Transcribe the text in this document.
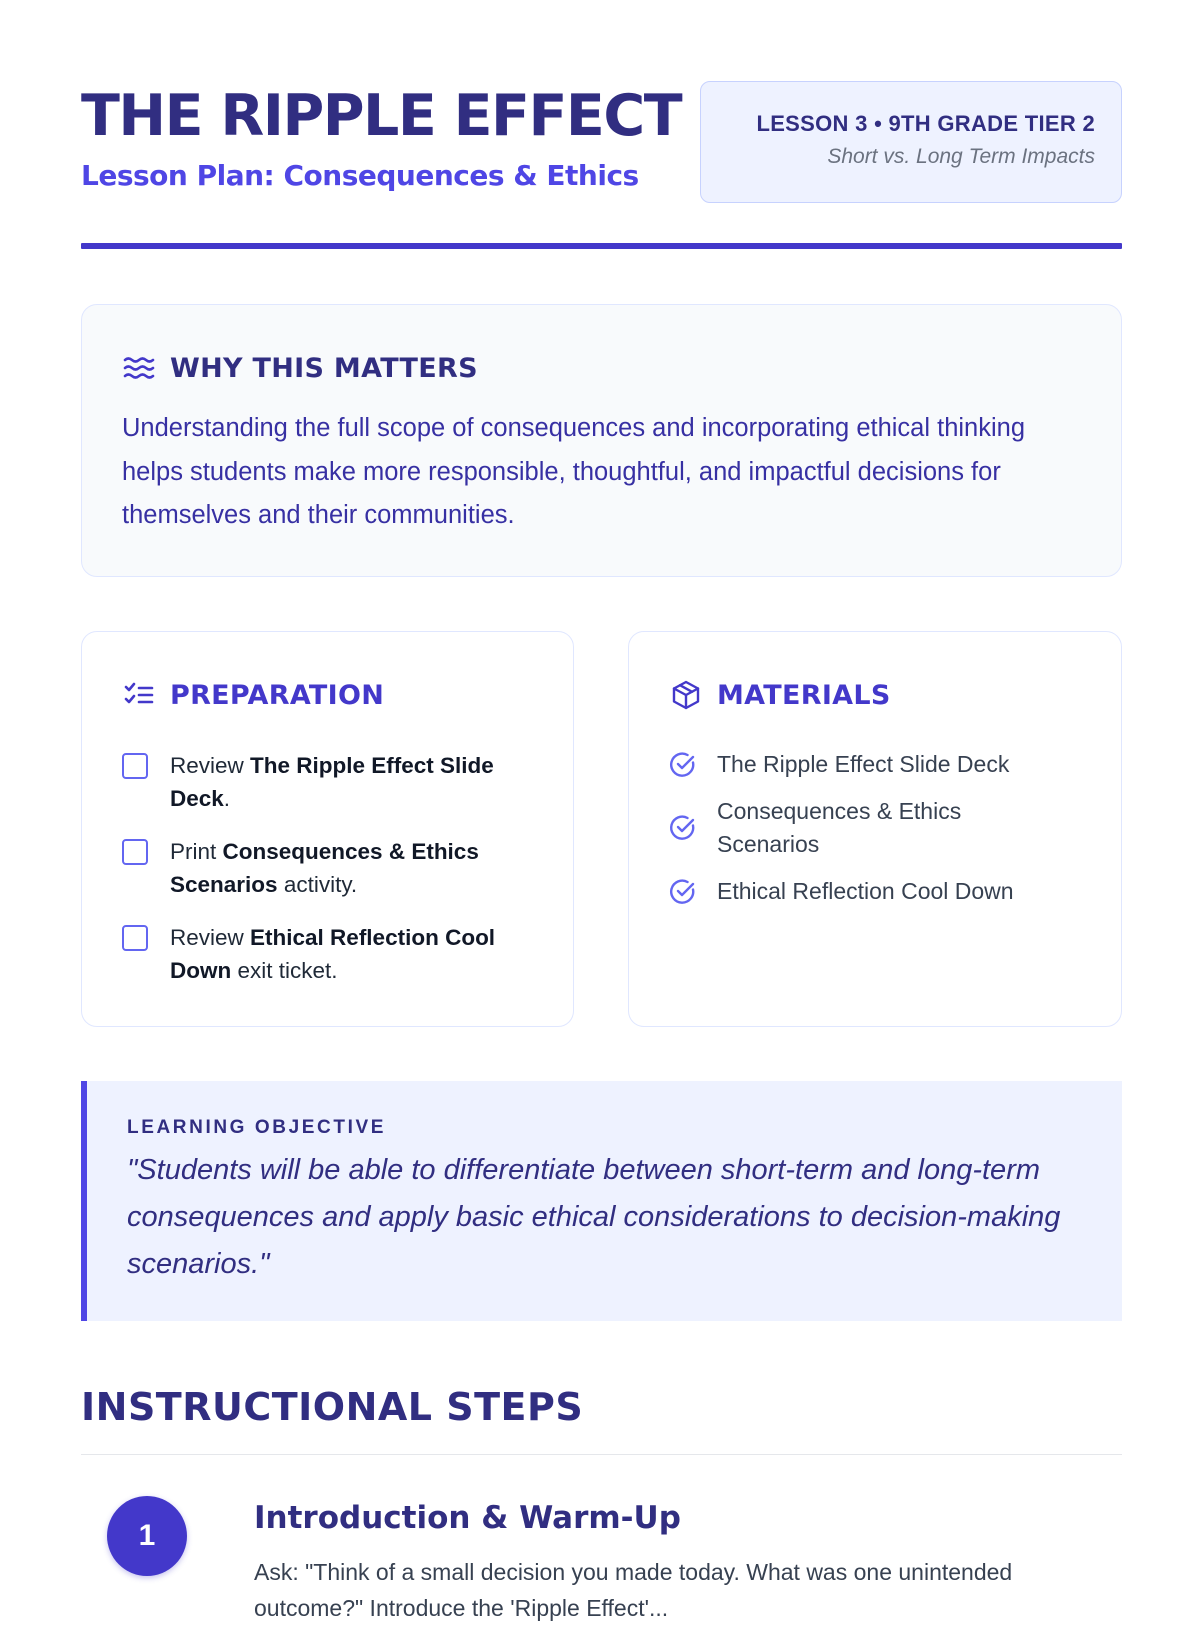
THE RIPPLE EFFECT
Lesson Plan: Consequences & Ethics
LESSON 3 • 9TH GRADE TIER 2
Short vs. Long Term Impacts
WHY THIS MATTERS

Understanding the full scope of consequences and incorporating ethical thinking helps students make more responsible, thoughtful, and impactful decisions for themselves and their communities.

PREPARATION
Review The Ripple Effect Slide Deck.
Print Consequences & Ethics Scenarios activity.
Review Ethical Reflection Cool Down exit ticket.
MATERIALS
The Ripple Effect Slide Deck
Consequences & Ethics Scenarios
Ethical Reflection Cool Down
LEARNING OBJECTIVE
"Students will be able to differentiate between short-term and long-term consequences and apply basic ethical considerations to decision-making scenarios."
INSTRUCTIONAL STEPS
1	Introduction & Warm-Up
Ask: "Think of a small decision you made today. What was one unintended outcome?" Introduce the 'Ripple Effect'...
